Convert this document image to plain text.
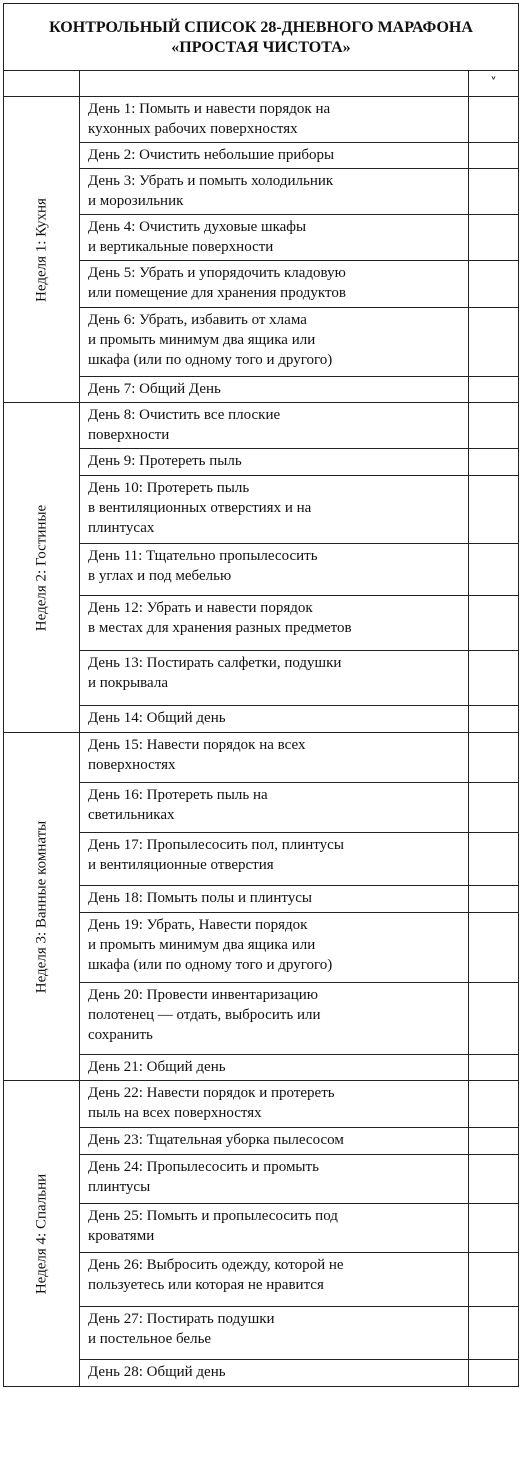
КОНТРОЛЬНЫЙ СПИСОК 28-ДНЕВНОГО МАРАФОНА «ПРОСТАЯ ЧИСТОТА»		
		˅

Неделя 1: Кухня	День 1: Помыть и навести порядок на
кухонных рабочих поверхностях	
	День 2: Очистить небольшие приборы	
	День 3: Убрать и помыть холодильник
и морозильник	
	День 4: Очистить духовые шкафы
и вертикальные поверхности	
	День 5: Убрать и упорядочить кладовую
или помещение для хранения продуктов	
	День 6: Убрать, избавить от хлама
и промыть минимум два ящика или
шкафа (или по одному того и другого)	
	День 7: Общий День	

Неделя 2: Гостиные	День 8: Очистить все плоские
поверхности	
	День 9: Протереть пыль	
	День 10: Протереть пыль
в вентиляционных отверстиях и на
плинтусах	
	День 11: Тщательно пропылесосить
в углах и под мебелью	
	День 12: Убрать и навести порядок
в местах для хранения разных предметов	
	День 13: Постирать салфетки, подушки
и покрывала	
	День 14: Общий день	

Неделя 3: Ванные комнаты	День 15: Навести порядок на всех
поверхностях	
	День 16: Протереть пыль на
светильниках	
	День 17: Пропылесосить пол, плинтусы
и вентиляционные отверстия	
	День 18: Помыть полы и плинтусы	
	День 19: Убрать, Навести порядок
и промыть минимум два ящика или
шкафа (или по одному того и другого)	
	День 20: Провести инвентаризацию
полотенец — отдать, выбросить или
сохранить	
	День 21: Общий день	

Неделя 4: Спальни	День 22: Навести порядок и протереть
пыль на всех поверхностях	
	День 23: Тщательная уборка пылесосом	
	День 24: Пропылесосить и промыть
плинтусы	
	День 25: Помыть и пропылесосить под
кроватями	
	День 26: Выбросить одежду, которой не
пользуетесь или которая не нравится	
	День 27: Постирать подушки
и постельное белье	
	День 28: Общий день	
